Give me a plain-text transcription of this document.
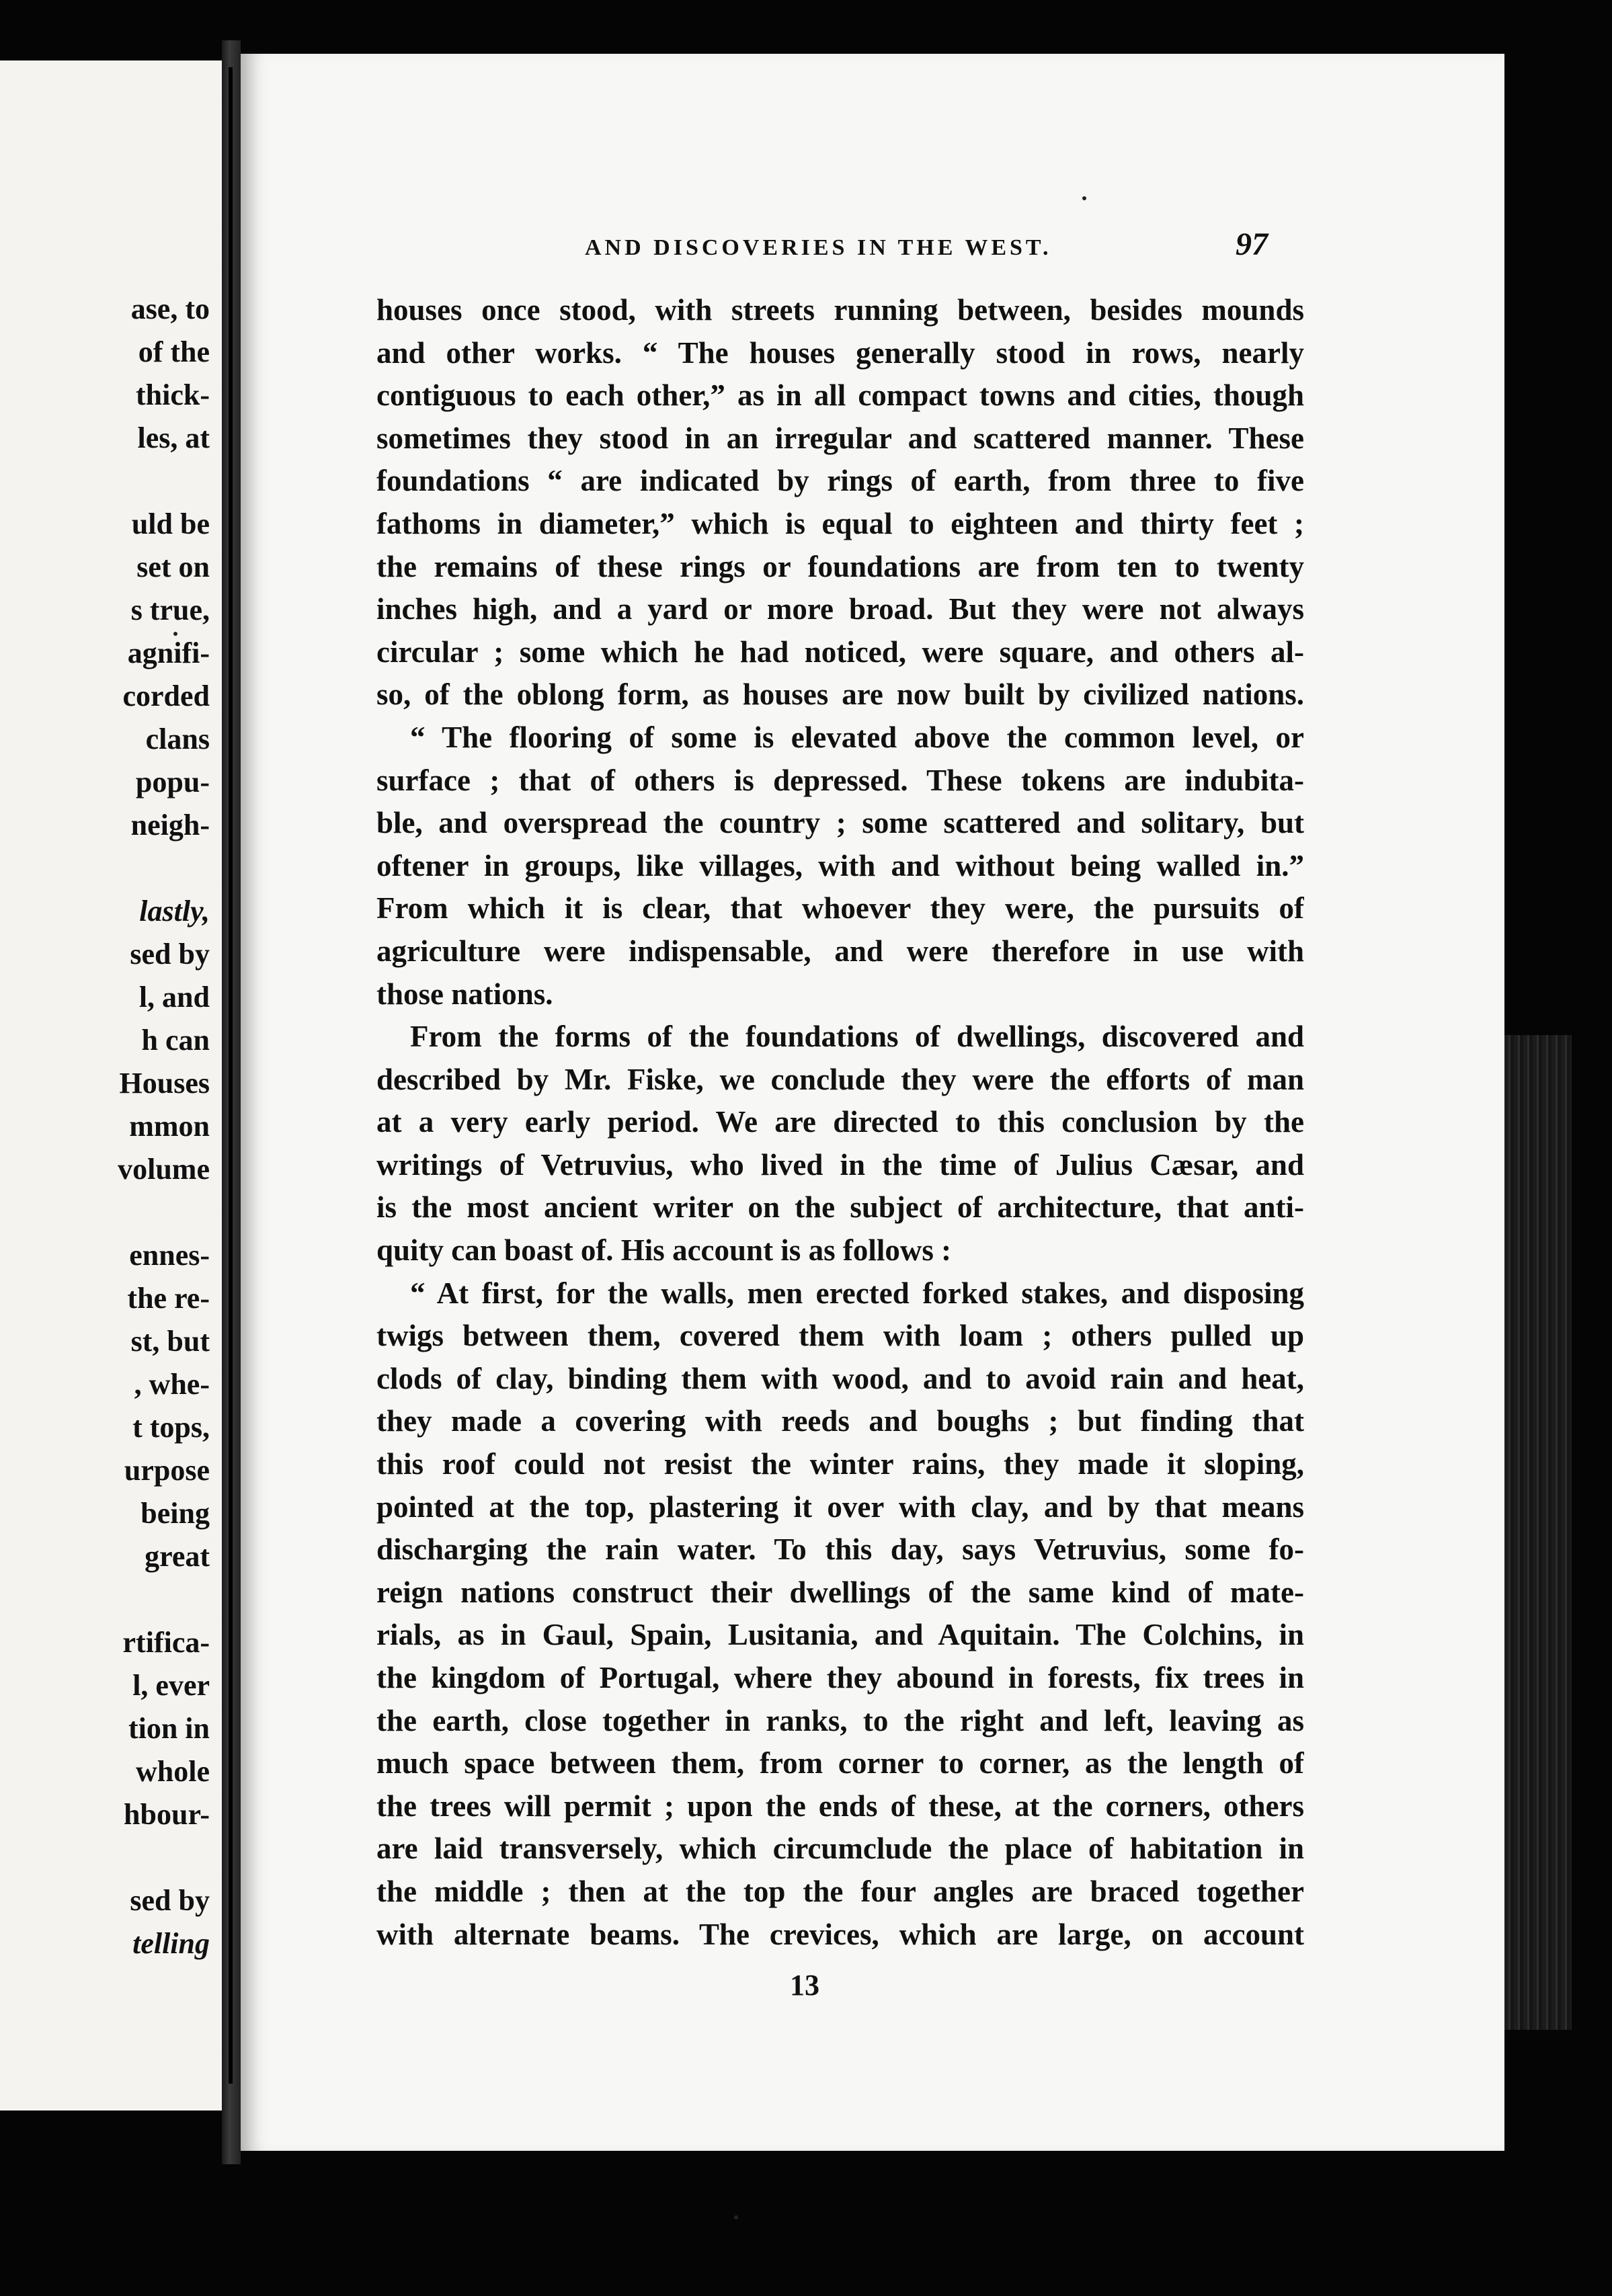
ase, to
of the
thick-
les, at
uld be
set on
s true,
agnifi-
corded
clans
popu-
neigh-
lastly,
sed by
l, and
h can
Houses
mmon
volume
ennes-
the re-
st, but
, whe-
t tops,
urpose
being
great
rtifica-
l, ever
tion in
whole
hbour-
sed by
telling
AND DISCOVERIES IN THE WEST.	97
houses once stood, with streets running between, besides mounds
and other works. “ The houses generally stood in rows, nearly
contiguous to each other,” as in all compact towns and cities, though
sometimes they stood in an irregular and scattered manner. These
foundations “ are indicated by rings of earth, from three to five
fathoms in diameter,” which is equal to eighteen and thirty feet ;
the remains of these rings or foundations are from ten to twenty
inches high, and a yard or more broad. But they were not always
circular ; some which he had noticed, were square, and others al-
so, of the oblong form, as houses are now built by civilized nations.
“ The flooring of some is elevated above the common level, or
surface ; that of others is depressed. These tokens are indubita-
ble, and overspread the country ; some scattered and solitary, but
oftener in groups, like villages, with and without being walled in.”
From which it is clear, that whoever they were, the pursuits of
agriculture were indispensable, and were therefore in use with
those nations.
From the forms of the foundations of dwellings, discovered and
described by Mr. Fiske, we conclude they were the efforts of man
at a very early period. We are directed to this conclusion by the
writings of Vetruvius, who lived in the time of Julius Cæsar, and
is the most ancient writer on the subject of architecture, that anti-
quity can boast of. His account is as follows :
“ At first, for the walls, men erected forked stakes, and disposing
twigs between them, covered them with loam ; others pulled up
clods of clay, binding them with wood, and to avoid rain and heat,
they made a covering with reeds and boughs ; but finding that
this roof could not resist the winter rains, they made it sloping,
pointed at the top, plastering it over with clay, and by that means
discharging the rain water. To this day, says Vetruvius, some fo-
reign nations construct their dwellings of the same kind of mate-
rials, as in Gaul, Spain, Lusitania, and Aquitain. The Colchins, in
the kingdom of Portugal, where they abound in forests, fix trees in
the earth, close together in ranks, to the right and left, leaving as
much space between them, from corner to corner, as the length of
the trees will permit ; upon the ends of these, at the corners, others
are laid transversely, which circumclude the place of habitation in
the middle ; then at the top the four angles are braced together
with alternate beams. The crevices, which are large, on account
13
